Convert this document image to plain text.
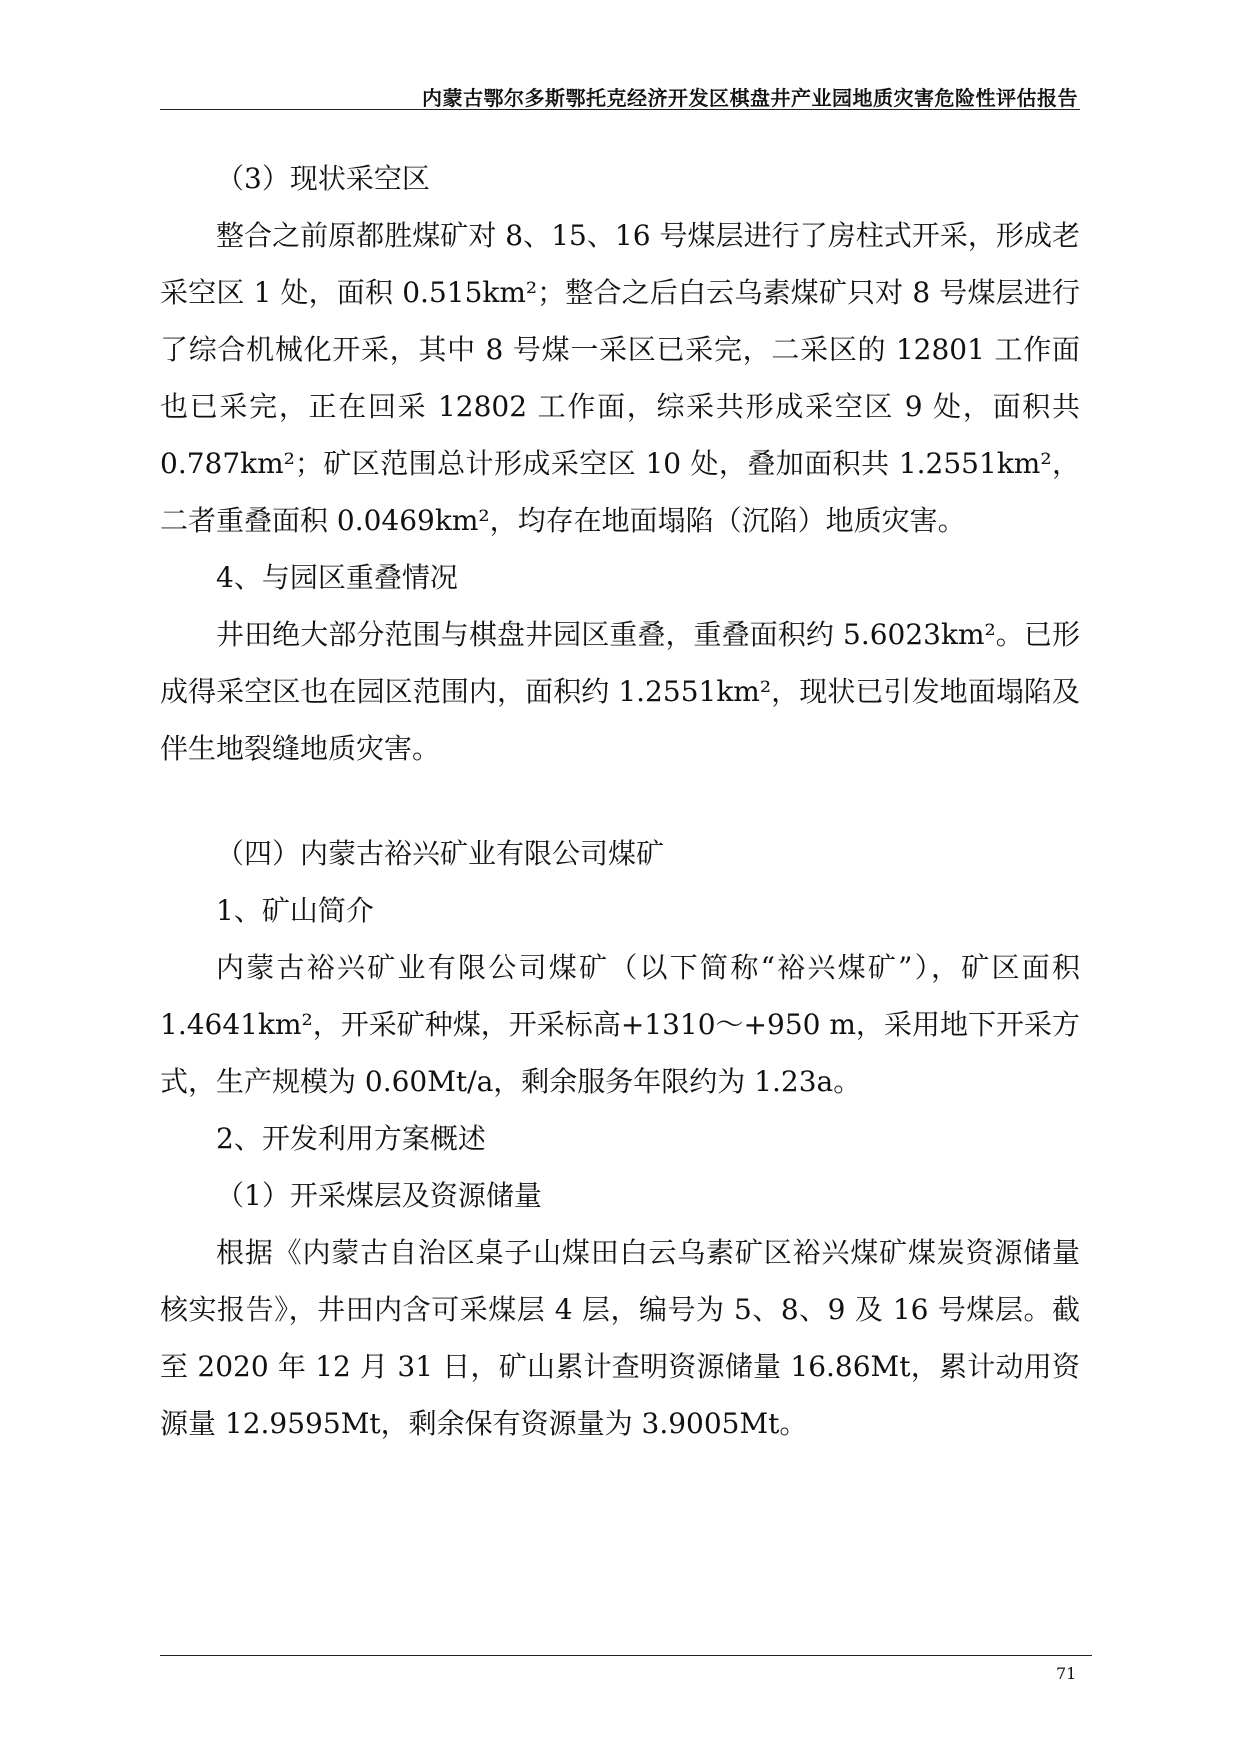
内蒙古鄂尔多斯鄂托克经济开发区棋盘井产业园地质灾害危险性评估报告

（3）现状采空区

整合之前原都胜煤矿对 8、15、16 号煤层进行了房柱式开采，形成老采空区 1 处，面积 0.515km²；整合之后白云乌素煤矿只对 8 号煤层进行了综合机械化开采，其中 8 号煤一采区已采完，二采区的 12801 工作面也已采完，正在回采 12802 工作面，综采共形成采空区 9 处，面积共 0.787km²；矿区范围总计形成采空区 10 处，叠加面积共 1.2551km²，二者重叠面积 0.0469km²，均存在地面塌陷（沉陷）地质灾害。

4、与园区重叠情况

井田绝大部分范围与棋盘井园区重叠，重叠面积约 5.6023km²。已形成得采空区也在园区范围内，面积约 1.2551km²，现状已引发地面塌陷及伴生地裂缝地质灾害。

（四）内蒙古裕兴矿业有限公司煤矿

1、矿山简介

内蒙古裕兴矿业有限公司煤矿（以下简称“裕兴煤矿”），矿区面积 1.4641km²，开采矿种煤，开采标高+1310～+950 m，采用地下开采方式，生产规模为 0.60Mt/a，剩余服务年限约为 1.23a。

2、开发利用方案概述

（1）开采煤层及资源储量

根据《内蒙古自治区桌子山煤田白云乌素矿区裕兴煤矿煤炭资源储量核实报告》，井田内含可采煤层 4 层，编号为 5、8、9 及 16 号煤层。截至 2020 年 12 月 31 日，矿山累计查明资源储量 16.86Mt，累计动用资源量 12.9595Mt，剩余保有资源量为 3.9005Mt。

71
